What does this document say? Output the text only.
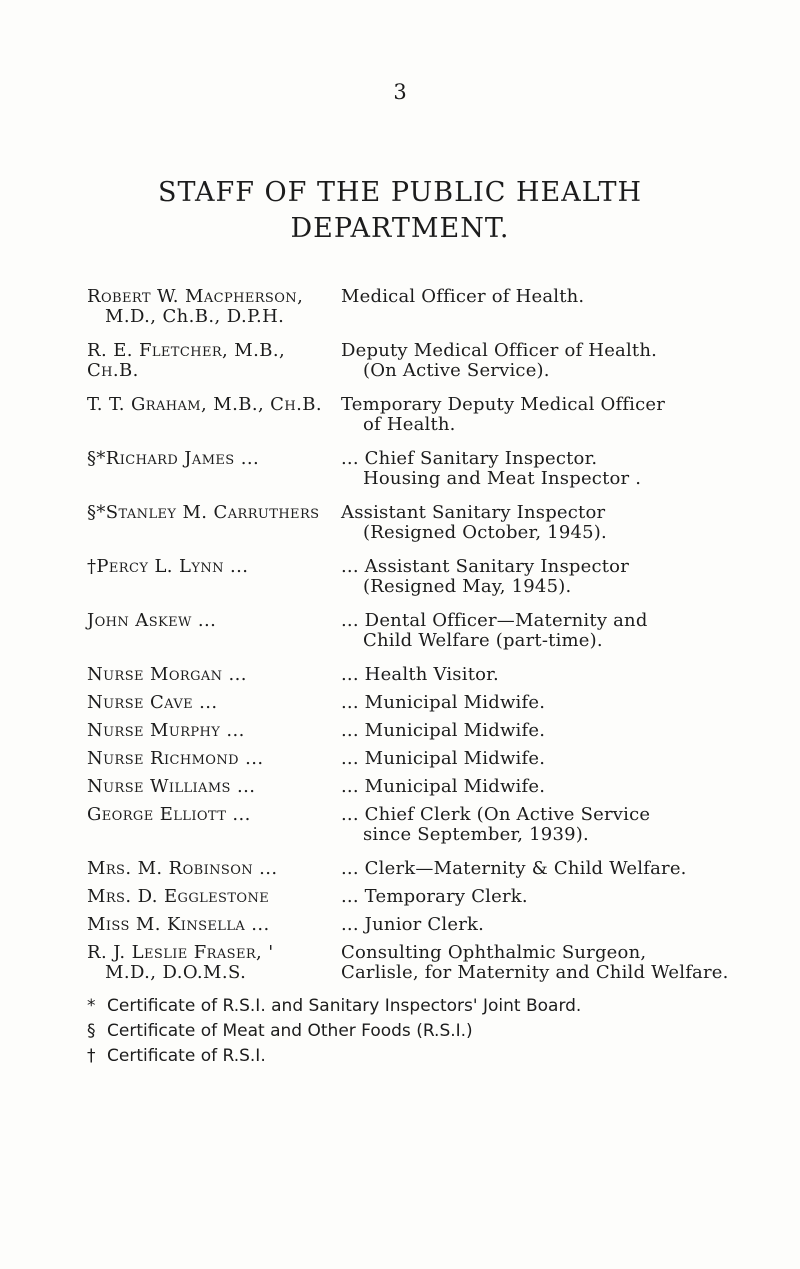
3
STAFF OF THE PUBLIC HEALTH
DEPARTMENT.
Robert W. Macpherson,
M.D., Ch.B., D.P.H.	Medical Officer of Health.
R. E. Fletcher, M.B., Ch.B.	Deputy Medical Officer of Health.
(On Active Service).

T. T. Graham, M.B., Ch.B.	Temporary Deputy Medical Officer
of Health.

§*Richard James ...	... Chief Sanitary Inspector.
Housing and Meat Inspector .

§*Stanley M. Carruthers	Assistant Sanitary Inspector
(Resigned October, 1945).

†Percy L. Lynn ...	... Assistant Sanitary Inspector
(Resigned May, 1945).

John Askew ...	... Dental Officer—Maternity and
Child Welfare (part-time).

Nurse Morgan ...	... Health Visitor.
Nurse Cave ...	... Municipal Midwife.
Nurse Murphy ...	... Municipal Midwife.
Nurse Richmond ...	... Municipal Midwife.
Nurse Williams ...	... Municipal Midwife.
George Elliott ...	... Chief Clerk (On Active Service
since September, 1939).

Mrs. M. Robinson ...	... Clerk—Maternity & Child Welfare.
Mrs. D. Egglestone	... Temporary Clerk.
Miss M. Kinsella ...	... Junior Clerk.
R. J. Leslie Fraser, '
M.D., D.O.M.S.	Consulting Ophthalmic Surgeon,
Carlisle, for Maternity and Child Welfare.
* Certificate of R.S.I. and Sanitary Inspectors' Joint Board.
§ Certificate of Meat and Other Foods (R.S.I.)
† Certificate of R.S.I.
